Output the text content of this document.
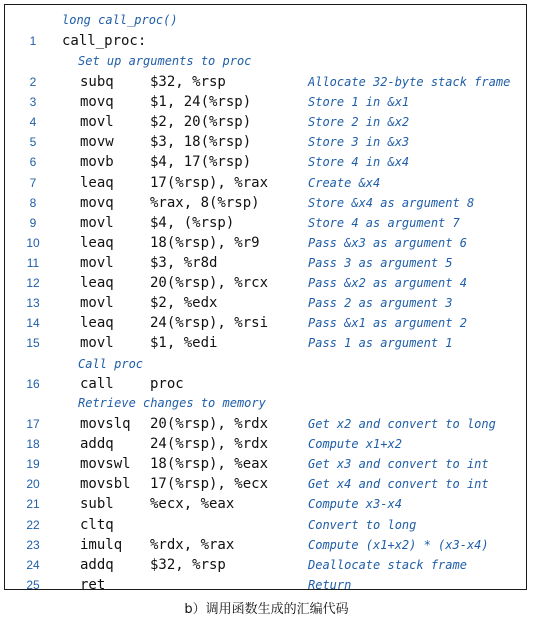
long call_proc()
1	call_proc:
Set up arguments to proc
2	subq	$32, %rsp	Allocate 32-byte stack frame
3	movq	$1, 24(%rsp)	Store 1 in &x1
4	movl	$2, 20(%rsp)	Store 2 in &x2
5	movw	$3, 18(%rsp)	Store 3 in &x3
6	movb	$4, 17(%rsp)	Store 4 in &x4
7	leaq	17(%rsp), %rax	Create &x4
8	movq	%rax, 8(%rsp)	Store &x4 as argument 8
9	movl	$4, (%rsp)	Store 4 as argument 7
10	leaq	18(%rsp), %r9	Pass &x3 as argument 6
11	movl	$3, %r8d	Pass 3 as argument 5
12	leaq	20(%rsp), %rcx	Pass &x2 as argument 4
13	movl	$2, %edx	Pass 2 as argument 3
14	leaq	24(%rsp), %rsi	Pass &x1 as argument 2
15	movl	$1, %edi	Pass 1 as argument 1
Call proc
16	call	proc
Retrieve changes to memory
17	movslq 20(%rsp), %rdx	Get x2 and convert to long
18	addq	24(%rsp), %rdx	Compute x1+x2
19	movswl 18(%rsp), %eax	Get x3 and convert to int
20	movsbl 17(%rsp), %ecx	Get x4 and convert to int
21	subl	%ecx, %eax	Compute x3-x4
22	cltq	Convert to long
23	imulq %rdx, %rax	Compute (x1+x2) * (x3-x4)
24	addq	$32, %rsp	Deallocate stack frame
25	ret	Return
b）调用函数生成的汇编代码
